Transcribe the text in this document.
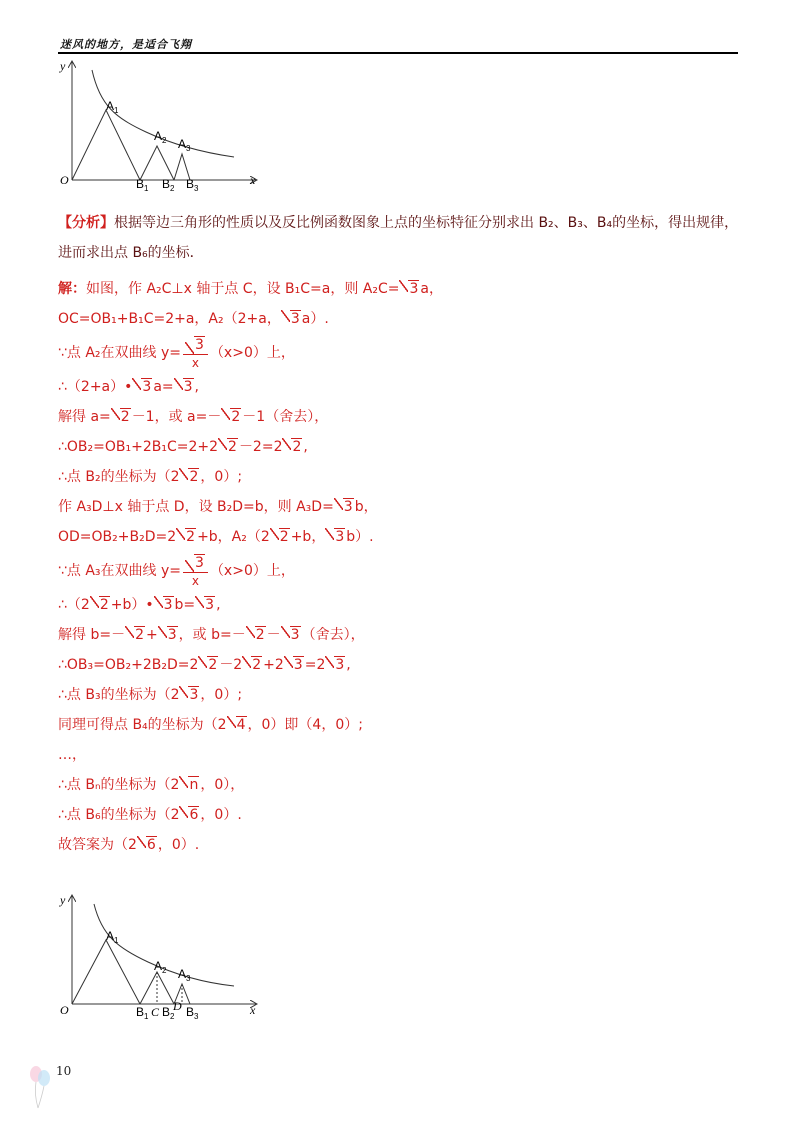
迷风的地方，是适合飞翔
y
x
O
$A_1$
$A_2$ $A_3$
$B_1$ $B_2$ $B_3$
【分析】根据等边三角形的性质以及反比例函数图象上点的坐标特征分别求出 B₂、B₃、B₄的坐标，得出规律，进而求出点 B₆的坐标．
解：如图，作 A₂C⊥x 轴于点 C，设 B₁C=a，则 A₂C= 3 a，
OC=OB₁+B₁C=2+a，A₂（2+a， 3 a）.
∵点 A₂在双曲线 $y= \frac{3}{x} (x>0)$上，
∴（2+a）• 3 a= 3 ,
解得 a= 2 －1，或 a=－ 2 －1（舍去），
∴OB₂=OB₁+2B₁C=2+2 2 －2=2 2 ,
∴点 B₂的坐标为（2 2 ，0）;
作 A₃D⊥x 轴于点 D，设 B₂D=b，则 A₃D= 3 b，
OD=OB₂+B₂D=2 2 +b，A₂（2 2 +b， 3 b）.
∵点 A₃在双曲线 $y= \frac{3}{x} (x>0)$上，
∴（2 2 +b）• 3 b= 3 ,
解得 b=－ 2 + 3 ，或 b=－ 2 － 3 （舍去），
∴OB₃=OB₂+2B₂D=2 2 －2 2 +2 3 =2 3 ,
∴点 B₃的坐标为（2 3 ，0）;
同理可得点 B₄的坐标为（2 4 ，0）即（4，0）;
…，
∴点 Bₙ的坐标为（2 n ，0），
∴点 B₆的坐标为（2 6 ，0）.
故答案为（2 6 ，0）.
y
x
O
$A_1$
$A_2$ $A_3$
$B_1$ C $B_2$
D $B_3$
10
